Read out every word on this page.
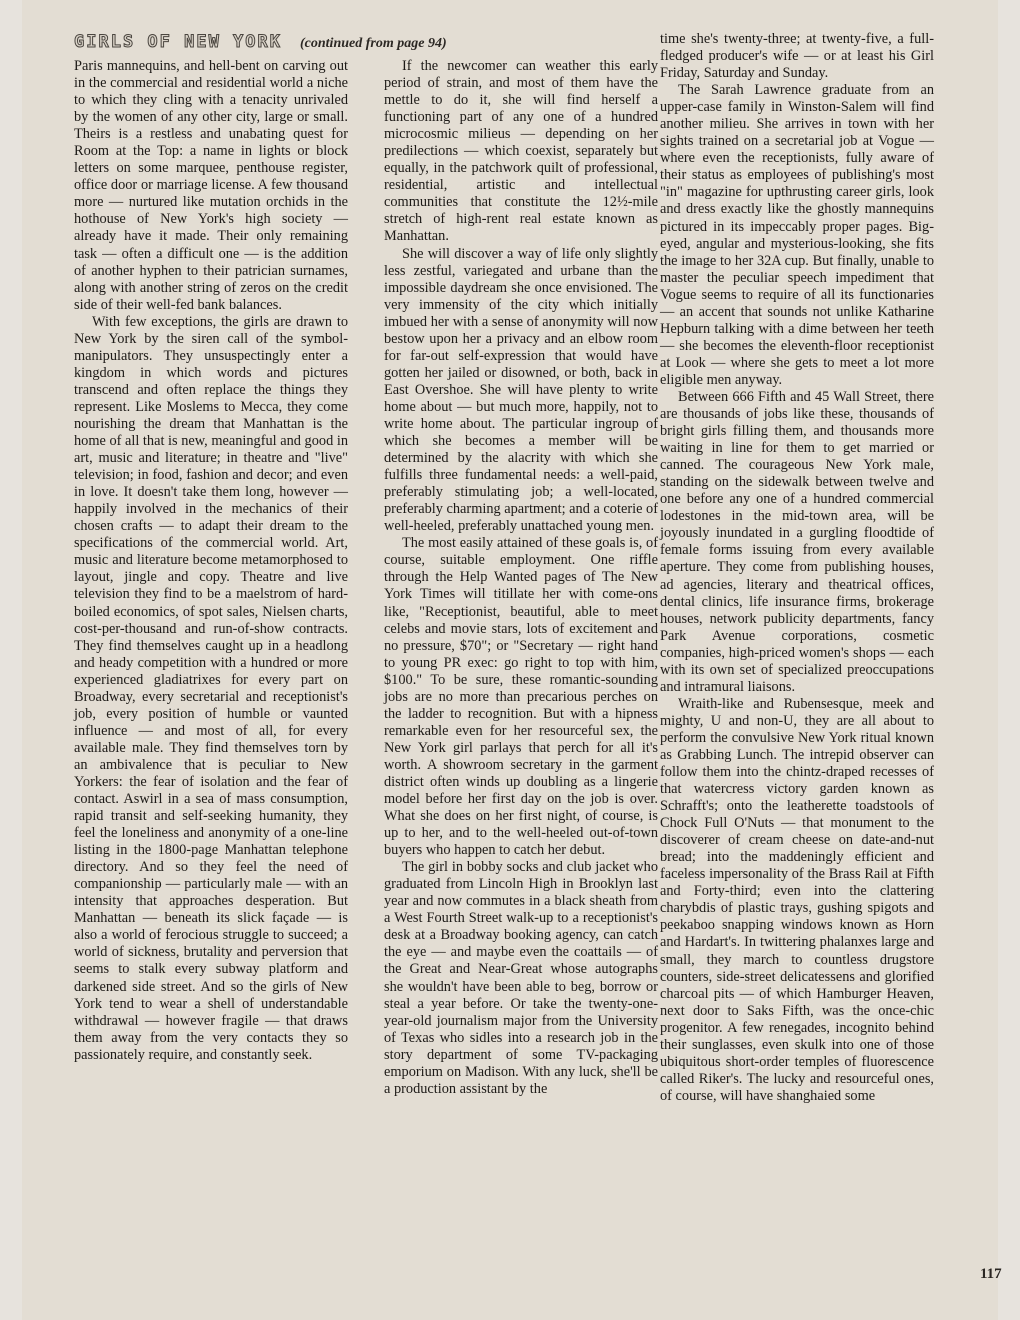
GIRLS OF NEW YORK (continued from page 94)

Paris mannequins, and hell-bent on carving out in the commercial and residential world a niche to which they cling with a tenacity unrivaled by the women of any other city, large or small. Theirs is a restless and unabating quest for Room at the Top: a name in lights or block letters on some marquee, penthouse register, office door or marriage license. A few thousand more — nurtured like mutation orchids in the hothouse of New York's high society — already have it made. Their only remaining task — often a difficult one — is the addition of another hyphen to their patrician surnames, along with another string of zeros on the credit side of their well-fed bank balances.

With few exceptions, the girls are drawn to New York by the siren call of the symbol-manipulators. They unsuspectingly enter a kingdom in which words and pictures transcend and often replace the things they represent. Like Moslems to Mecca, they come nourishing the dream that Manhattan is the home of all that is new, meaningful and good in art, music and literature; in theatre and "live" television; in food, fashion and decor; and even in love. It doesn't take them long, however — happily involved in the mechanics of their chosen crafts — to adapt their dream to the specifications of the commercial world. Art, music and literature become metamorphosed to layout, jingle and copy. Theatre and live television they find to be a maelstrom of hard-boiled economics, of spot sales, Nielsen charts, cost-per-thousand and run-of-show contracts. They find themselves caught up in a headlong and heady competition with a hundred or more experienced gladiatrixes for every part on Broadway, every secretarial and receptionist's job, every position of humble or vaunted influence — and most of all, for every available male. They find themselves torn by an ambivalence that is peculiar to New Yorkers: the fear of isolation and the fear of contact. Aswirl in a sea of mass consumption, rapid transit and self-seeking humanity, they feel the loneliness and anonymity of a one-line listing in the 1800-page Manhattan telephone directory. And so they feel the need of companionship — particularly male — with an intensity that approaches desperation. But Manhattan — beneath its slick façade — is also a world of ferocious struggle to succeed; a world of sickness, brutality and perversion that seems to stalk every subway platform and darkened side street. And so the girls of New York tend to wear a shell of understandable withdrawal — however fragile — that draws them away from the very contacts they so passionately require, and constantly seek.

If the newcomer can weather this early period of strain, and most of them have the mettle to do it, she will find herself a functioning part of any one of a hundred microcosmic milieus — depending on her predilections — which coexist, separately but equally, in the patchwork quilt of professional, residential, artistic and intellectual communities that constitute the 12½-mile stretch of high-rent real estate known as Manhattan.

She will discover a way of life only slightly less zestful, variegated and urbane than the impossible daydream she once envisioned. The very immensity of the city which initially imbued her with a sense of anonymity will now bestow upon her a privacy and an elbow room for far-out self-expression that would have gotten her jailed or disowned, or both, back in East Overshoe. She will have plenty to write home about — but much more, happily, not to write home about. The particular ingroup of which she becomes a member will be determined by the alacrity with which she fulfills three fundamental needs: a well-paid, preferably stimulating job; a well-located, preferably charming apartment; and a coterie of well-heeled, preferably unattached young men.

The most easily attained of these goals is, of course, suitable employment. One riffle through the Help Wanted pages of The New York Times will titillate her with come-ons like, "Receptionist, beautiful, able to meet celebs and movie stars, lots of excitement and no pressure, $70"; or "Secretary — right hand to young PR exec: go right to top with him, $100." To be sure, these romantic-sounding jobs are no more than precarious perches on the ladder to recognition. But with a hipness remarkable even for her resourceful sex, the New York girl parlays that perch for all it's worth. A showroom secretary in the garment district often winds up doubling as a lingerie model before her first day on the job is over. What she does on her first night, of course, is up to her, and to the well-heeled out-of-town buyers who happen to catch her debut.

The girl in bobby socks and club jacket who graduated from Lincoln High in Brooklyn last year and now commutes in a black sheath from a West Fourth Street walk-up to a receptionist's desk at a Broadway booking agency, can catch the eye — and maybe even the coattails — of the Great and Near-Great whose autographs she wouldn't have been able to beg, borrow or steal a year before. Or take the twenty-one-year-old journalism major from the University of Texas who sidles into a research job in the story department of some TV-packaging emporium on Madison. With any luck, she'll be a production assistant by the

time she's twenty-three; at twenty-five, a full-fledged producer's wife — or at least his Girl Friday, Saturday and Sunday.

The Sarah Lawrence graduate from an upper-case family in Winston-Salem will find another milieu. She arrives in town with her sights trained on a secretarial job at Vogue — where even the receptionists, fully aware of their status as employees of publishing's most "in" magazine for upthrusting career girls, look and dress exactly like the ghostly mannequins pictured in its impeccably proper pages. Big-eyed, angular and mysterious-looking, she fits the image to her 32A cup. But finally, unable to master the peculiar speech impediment that Vogue seems to require of all its functionaries — an accent that sounds not unlike Katharine Hepburn talking with a dime between her teeth — she becomes the eleventh-floor receptionist at Look — where she gets to meet a lot more eligible men anyway.

Between 666 Fifth and 45 Wall Street, there are thousands of jobs like these, thousands of bright girls filling them, and thousands more waiting in line for them to get married or canned. The courageous New York male, standing on the sidewalk between twelve and one before any one of a hundred commercial lodestones in the mid-town area, will be joyously inundated in a gurgling floodtide of female forms issuing from every available aperture. They come from publishing houses, ad agencies, literary and theatrical offices, dental clinics, life insurance firms, brokerage houses, network publicity departments, fancy Park Avenue corporations, cosmetic companies, high-priced women's shops — each with its own set of specialized preoccupations and intramural liaisons.

Wraith-like and Rubensesque, meek and mighty, U and non-U, they are all about to perform the convulsive New York ritual known as Grabbing Lunch. The intrepid observer can follow them into the chintz-draped recesses of that watercress victory garden known as Schrafft's; onto the leatherette toadstools of Chock Full O'Nuts — that monument to the discoverer of cream cheese on date-and-nut bread; into the maddeningly efficient and faceless impersonality of the Brass Rail at Fifth and Forty-third; even into the clattering charybdis of plastic trays, gushing spigots and peekaboo snapping windows known as Horn and Hardart's. In twittering phalanxes large and small, they march to countless drugstore counters, side-street delicatessens and glorified charcoal pits — of which Hamburger Heaven, next door to Saks Fifth, was the once-chic progenitor. A few renegades, incognito behind their sunglasses, even skulk into one of those ubiquitous short-order temples of fluorescence called Riker's. The lucky and resourceful ones, of course, will have shanghaied some

117
